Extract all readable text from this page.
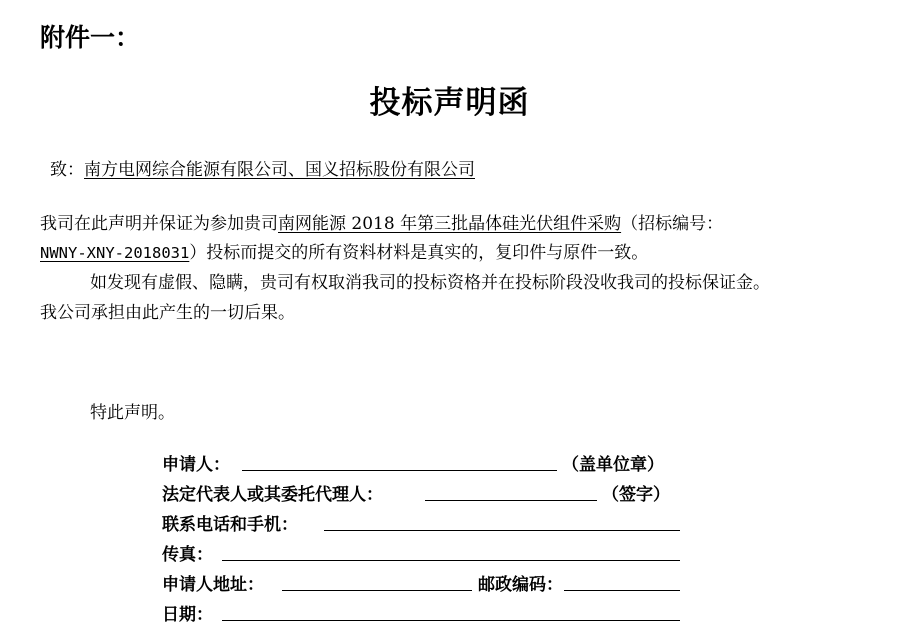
附件一：
投标声明函
致：南方电网综合能源有限公司、国义招标股份有限公司
我司在此声明并保证为参加贵司南网能源 2018 年第三批晶体硅光伏组件采购（招标编号：
NWNY-XNY-2018031）投标而提交的所有资料材料是真实的，复印件与原件一致。
如发现有虚假、隐瞒，贵司有权取消我司的投标资格并在投标阶段没收我司的投标保证金。
我公司承担由此产生的一切后果。
特此声明。
申请人：	（盖单位章）
法定代表人或其委托代理人：	（签字）
联系电话和手机：
传真：
申请人地址：	邮政编码：
日期：
